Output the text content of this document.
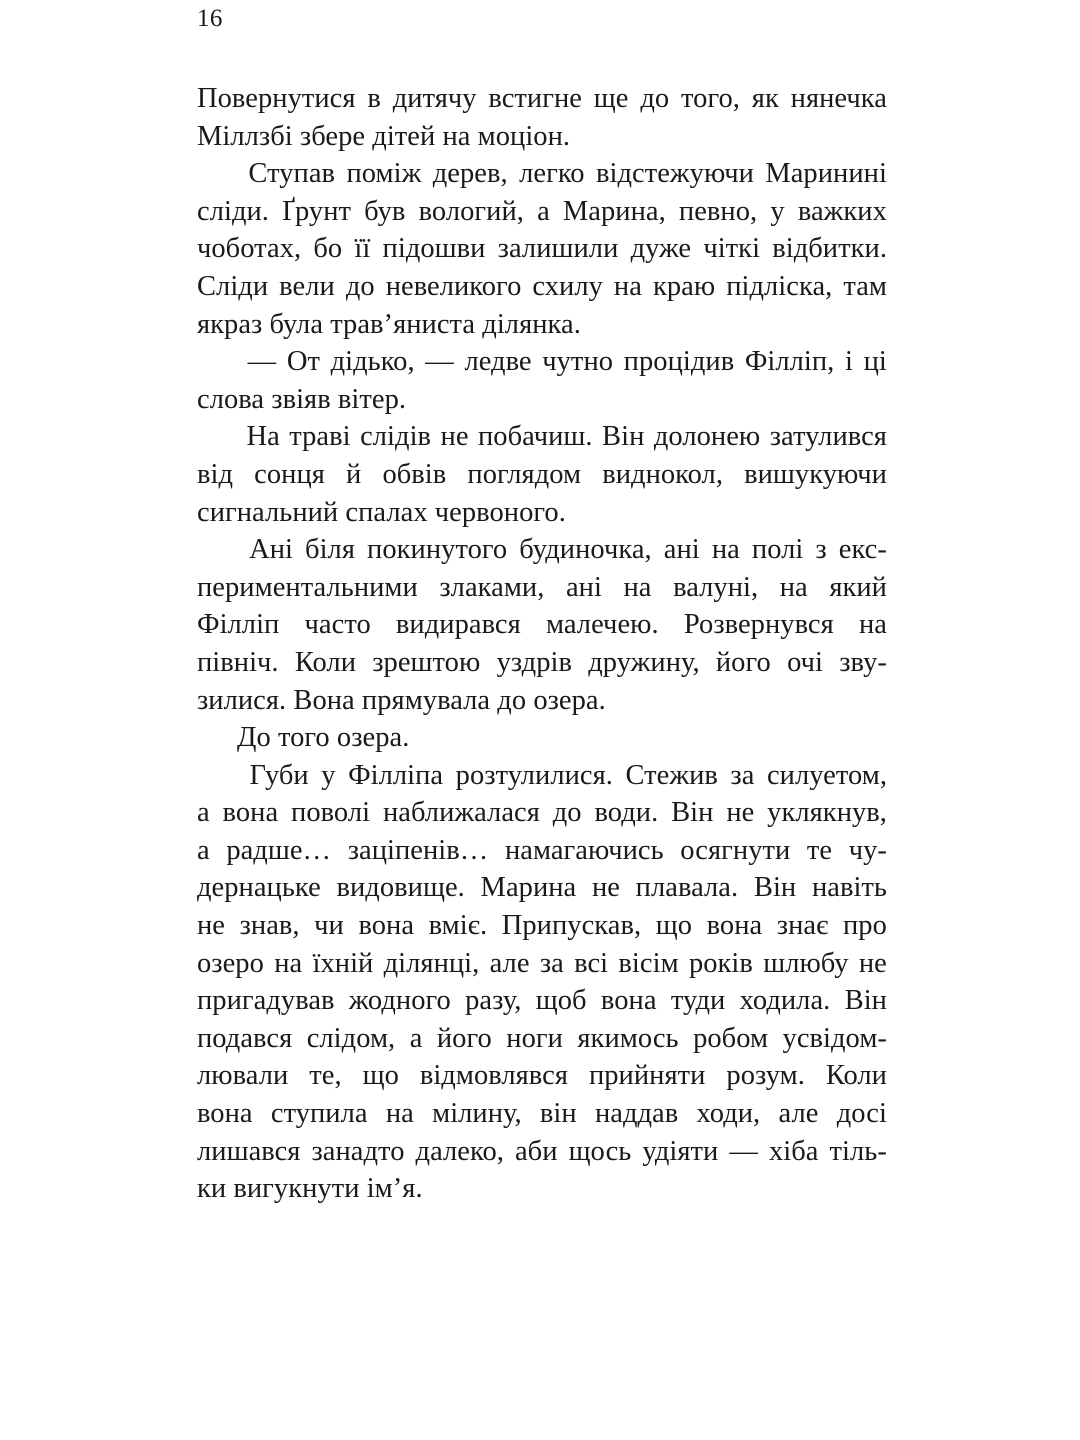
16

Повернутися в дитячу встигне ще до того, як нянечка
Міллзбі збере дітей на моціон.

Ступав поміж дерев, легко відстежуючи Маринині
сліди. Ґрунт був вологий, а Марина, певно, у важких
чоботах, бо її підошви залишили дуже чіткі відбитки.
Сліди вели до невеликого схилу на краю підліска, там
якраз була трав’яниста ділянка.

— От дідько, — ледве чутно процідив Філліп, і ці
слова звіяв вітер.

На траві слідів не побачиш. Він долонею затулився
від сонця й обвів поглядом виднокол, вишукуючи
сигнальний спалах червоного.

Ані біля покинутого будиночка, ані на полі з екс-
периментальними злаками, ані на валуні, на який
Філліп часто видирався малечею. Розвернувся на
північ. Коли зрештою уздрів дружину, його очі зву-
зилися. Вона прямувала до озера.

До того озера.

Губи у Філліпа розтулилися. Стежив за силуетом,
а вона поволі наближалася до води. Він не уклякнув,
а радше… заціпенів… намагаючись осягнути те чу-
дернацьке видовище. Марина не плавала. Він навіть
не знав, чи вона вміє. Припускав, що вона знає про
озеро на їхній ділянці, але за всі вісім років шлюбу не
пригадував жодного разу, щоб вона туди ходила. Він
подався слідом, а його ноги якимось робом усвідом-
лювали те, що відмовлявся прийняти розум. Коли
вона ступила на мілину, він наддав ходи, але досі
лишався занадто далеко, аби щось удіяти — хіба тіль-
ки вигукнути ім’я.
